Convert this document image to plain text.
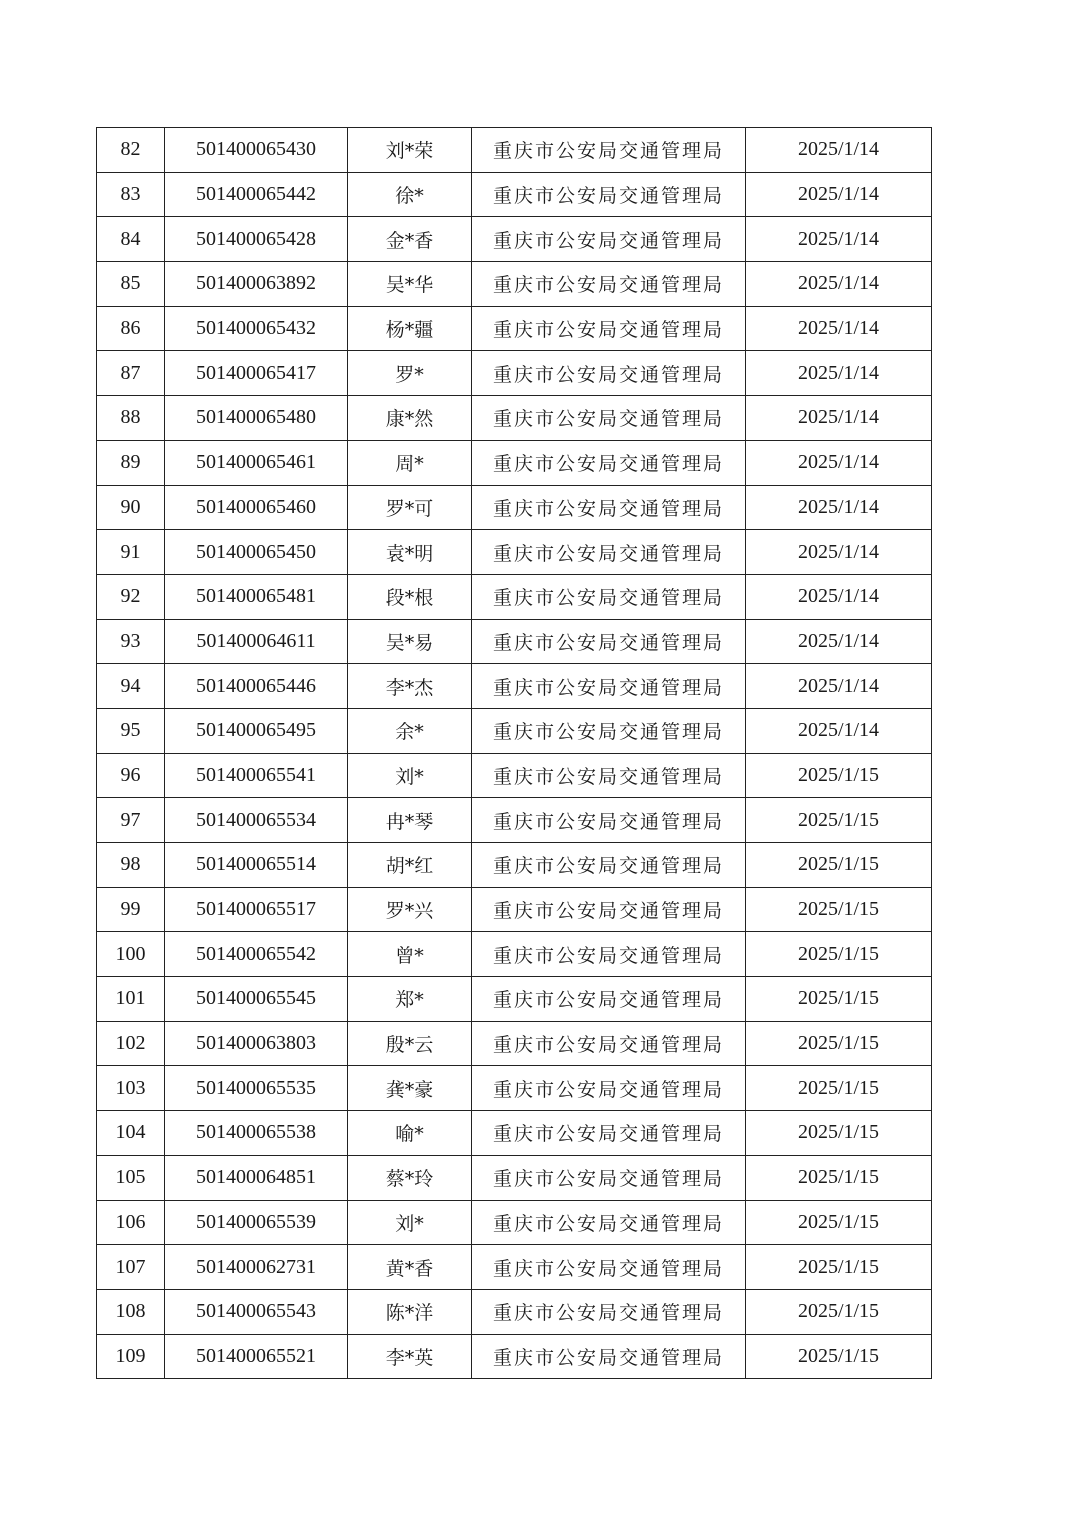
82	501400065430	刘*荣	重庆市公安局交通管理局	2025/1/14
83	501400065442	徐*	重庆市公安局交通管理局	2025/1/14
84	501400065428	金*香	重庆市公安局交通管理局	2025/1/14
85	501400063892	吴*华	重庆市公安局交通管理局	2025/1/14
86	501400065432	杨*疆	重庆市公安局交通管理局	2025/1/14
87	501400065417	罗*	重庆市公安局交通管理局	2025/1/14
88	501400065480	康*然	重庆市公安局交通管理局	2025/1/14
89	501400065461	周*	重庆市公安局交通管理局	2025/1/14
90	501400065460	罗*可	重庆市公安局交通管理局	2025/1/14
91	501400065450	袁*明	重庆市公安局交通管理局	2025/1/14
92	501400065481	段*根	重庆市公安局交通管理局	2025/1/14
93	501400064611	吴*易	重庆市公安局交通管理局	2025/1/14
94	501400065446	李*杰	重庆市公安局交通管理局	2025/1/14
95	501400065495	余*	重庆市公安局交通管理局	2025/1/14
96	501400065541	刘*	重庆市公安局交通管理局	2025/1/15
97	501400065534	冉*琴	重庆市公安局交通管理局	2025/1/15
98	501400065514	胡*红	重庆市公安局交通管理局	2025/1/15
99	501400065517	罗*兴	重庆市公安局交通管理局	2025/1/15
100	501400065542	曾*	重庆市公安局交通管理局	2025/1/15
101	501400065545	郑*	重庆市公安局交通管理局	2025/1/15
102	501400063803	殷*云	重庆市公安局交通管理局	2025/1/15
103	501400065535	龚*豪	重庆市公安局交通管理局	2025/1/15
104	501400065538	喻*	重庆市公安局交通管理局	2025/1/15
105	501400064851	蔡*玲	重庆市公安局交通管理局	2025/1/15
106	501400065539	刘*	重庆市公安局交通管理局	2025/1/15
107	501400062731	黄*香	重庆市公安局交通管理局	2025/1/15
108	501400065543	陈*洋	重庆市公安局交通管理局	2025/1/15
109	501400065521	李*英	重庆市公安局交通管理局	2025/1/15
